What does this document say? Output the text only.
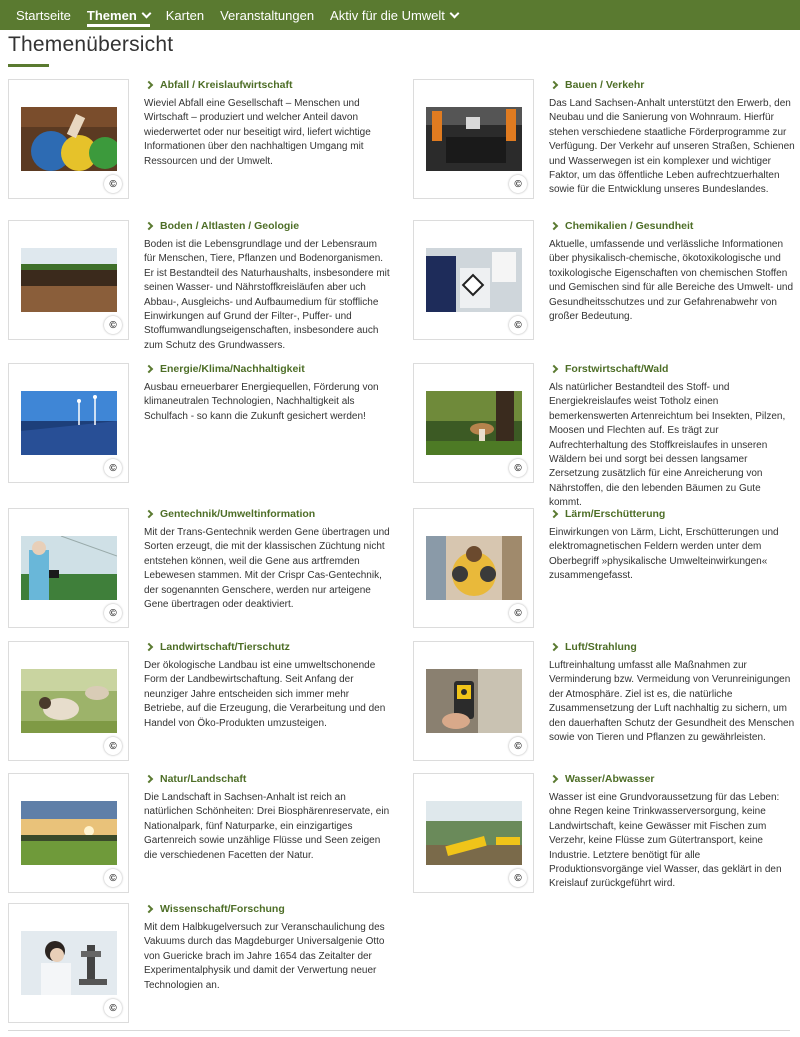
Startseite Themen Karten Veranstaltungen Aktiv für die Umwelt
Themenübersicht
©
Abfall / Kreislaufwirtschaft

Wieviel Abfall eine Gesellschaft – Menschen und Wirtschaft – produziert und welcher Anteil davon wiederwertet oder nur beseitigt wird, liefert wichtige Informationen über den nachhaltigen Umgang mit Ressourcen und der Umwelt.

©
Bauen / Verkehr

Das Land Sachsen-Anhalt unterstützt den Erwerb, den Neubau und die Sanierung von Wohnraum. Hierfür stehen verschiedene staatliche Förderprogramme zur Verfügung. Der Verkehr auf unseren Straßen, Schienen und Wasserwegen ist ein komplexer und wichtiger Faktor, um das öffentliche Leben aufrechtzuerhalten sowie für die Entwicklung unseres Bundeslandes.

©
Boden / Altlasten / Geologie

Boden ist die Lebensgrundlage und der Lebensraum für Menschen, Tiere, Pflanzen und Bodenorganismen. Er ist Bestandteil des Naturhaushalts, insbesondere mit seinen Wasser- und Nährstoffkreisläufen aber uch Abbau-, Ausgleichs- und Aufbaumedium für stoffliche Einwirkungen auf Grund der Filter-, Puffer- und Stoffumwandlungseigenschaften, insbesondere auch zum Schutz des Grundwassers.

©
Chemikalien / Gesundheit

Aktuelle, umfassende und verlässliche Informationen über physikalisch-chemische, ökotoxikologische und toxikologische Eigenschaften von chemischen Stoffen und Gemischen sind für alle Bereiche des Umwelt- und Gesundheitsschutzes und zur Gefahrenabwehr von großer Bedeutung.

©
Energie/Klima/Nachhaltigkeit

Ausbau erneuerbarer Energiequellen, Förderung von klimaneutralen Technologien, Nachhaltigkeit als Schulfach - so kann die Zukunft gesichert werden!

©
Forstwirtschaft/Wald

Als natürlicher Bestandteil des Stoff- und Energiekreislaufes weist Totholz einen bemerkenswerten Artenreichtum bei Insekten, Pilzen, Moosen und Flechten auf. Es trägt zur Aufrechterhaltung des Stoffkreislaufes in unseren Wäldern bei und sorgt bei dessen langsamer Zersetzung zusätzlich für eine Anreicherung von Nährstoffen, die den lebenden Bäumen zu Gute kommt.

©
Gentechnik/Umweltinformation

Mit der Trans-Gentechnik werden Gene übertragen und Sorten erzeugt, die mit der klassischen Züchtung nicht entstehen können, weil die Gene aus artfremden Lebewesen stammen. Mit der Crispr Cas-Gentechnik, der sogenannten Genschere, werden nur arteigene Gene übertragen oder deaktiviert.

©
Lärm/Erschütterung

Einwirkungen von Lärm, Licht, Erschütterungen und elektromagnetischen Feldern werden unter dem Oberbegriff »physikalische Umwelteinwirkungen« zusammengefasst.

©
Landwirtschaft/Tierschutz

Der ökologische Landbau ist eine umweltschonende Form der Landbewirtschaftung. Seit Anfang der neunziger Jahre entscheiden sich immer mehr Betriebe, auf die Erzeugung, die Verarbeitung und den Handel von Öko-Produkten umzusteigen.

©
Luft/Strahlung

Luftreinhaltung umfasst alle Maßnahmen zur Verminderung bzw. Vermeidung von Verunreinigungen der Atmosphäre. Ziel ist es, die natürliche Zusammensetzung der Luft nachhaltig zu sichern, um den dauerhaften Schutz der Gesundheit des Menschen sowie von Tieren und Pflanzen zu gewährleisten.

©
Natur/Landschaft

Die Landschaft in Sachsen-Anhalt ist reich an natürlichen Schönheiten: Drei Biosphärenreservate, ein Nationalpark, fünf Naturparke, ein einzigartiges Gartenreich sowie unzählige Flüsse und Seen zeigen die verschiedenen Facetten der Natur.

©
Wasser/Abwasser

Wasser ist eine Grundvoraussetzung für das Leben: ohne Regen keine Trinkwasserversorgung, keine Landwirtschaft, keine Gewässer mit Fischen zum Verzehr, keine Flüsse zum Gütertransport, keine Industrie. Letztere benötigt für alle Produktionsvorgänge viel Wasser, das geklärt in den Kreislauf zurückgeführt wird.

©
Wissenschaft/Forschung

Mit dem Halbkugelversuch zur Veranschaulichung des Vakuums durch das Magdeburger Universalgenie Otto von Guericke brach im Jahre 1654 das Zeitalter der Experimentalphysik und damit der Verwertung neuer Technologien an.
